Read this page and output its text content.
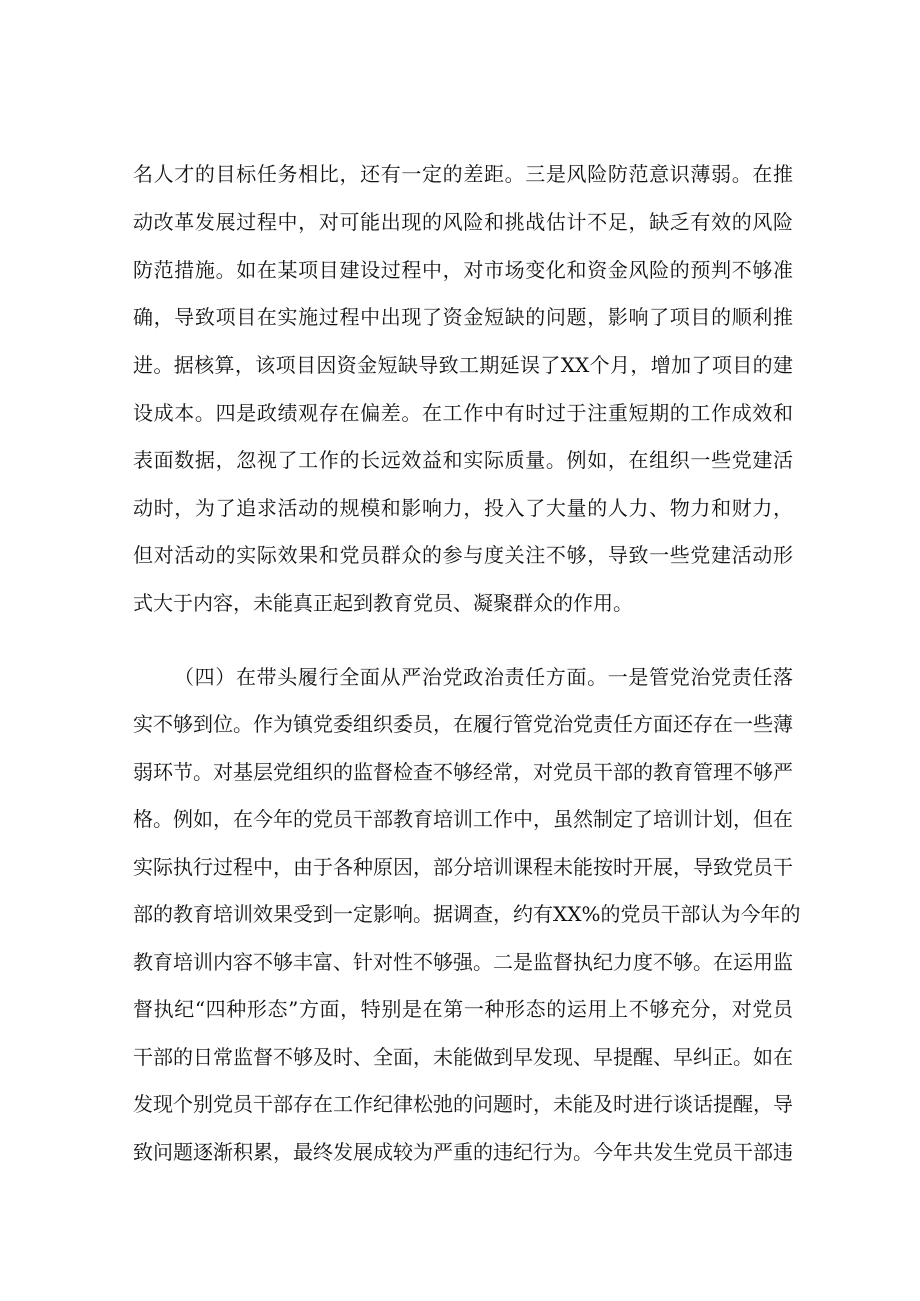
名人才的目标任务相比，还有一定的差距。三是风险防范意识薄弱。在推
动改革发展过程中，对可能出现的风险和挑战估计不足，缺乏有效的风险
防范措施。如在某项目建设过程中，对市场变化和资金风险的预判不够准
确，导致项目在实施过程中出现了资金短缺的问题，影响了项目的顺利推
进。据核算，该项目因资金短缺导致工期延误了XX个月，增加了项目的建
设成本。四是政绩观存在偏差。在工作中有时过于注重短期的工作成效和
表面数据，忽视了工作的长远效益和实际质量。例如，在组织一些党建活
动时，为了追求活动的规模和影响力，投入了大量的人力、物力和财力，
但对活动的实际效果和党员群众的参与度关注不够，导致一些党建活动形
式大于内容，未能真正起到教育党员、凝聚群众的作用。
（四）在带头履行全面从严治党政治责任方面。一是管党治党责任落
实不够到位。作为镇党委组织委员，在履行管党治党责任方面还存在一些薄
弱环节。对基层党组织的监督检查不够经常，对党员干部的教育管理不够严
格。例如，在今年的党员干部教育培训工作中，虽然制定了培训计划，但在
实际执行过程中，由于各种原因，部分培训课程未能按时开展，导致党员干
部的教育培训效果受到一定影响。据调查，约有XX%的党员干部认为今年的
教育培训内容不够丰富、针对性不够强。二是监督执纪力度不够。在运用监
督执纪“四种形态”方面，特别是在第一种形态的运用上不够充分，对党员
干部的日常监督不够及时、全面，未能做到早发现、早提醒、早纠正。如在
发现个别党员干部存在工作纪律松弛的问题时，未能及时进行谈话提醒，导
致问题逐渐积累，最终发展成较为严重的违纪行为。今年共发生党员干部违
